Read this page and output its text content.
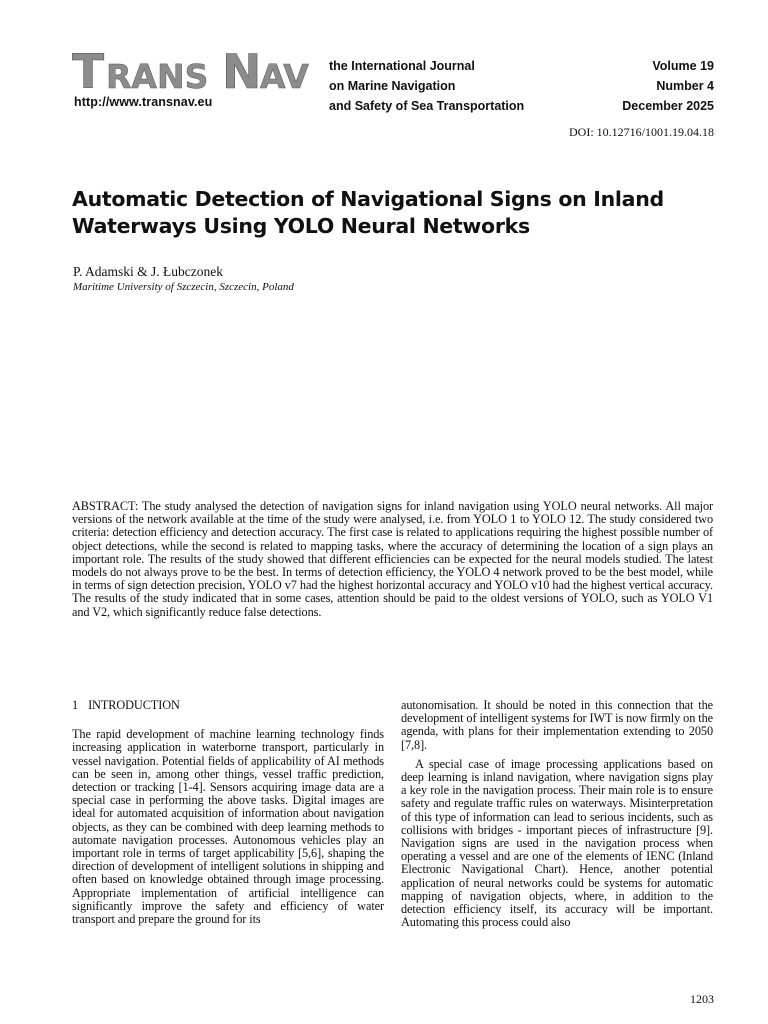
T RANS N
AV
http://www.transnav.eu
the International Journal
on Marine Navigation
and Safety of Sea Transportation
Volume 19
Number 4
December 2025
DOI: 10.12716/1001.19.04.18
Automatic Detection of Navigational Signs on Inland Waterways Using YOLO Neural Networks
P. Adamski & J. Łubczonek
Maritime University of Szczecin, Szczecin, Poland
ABSTRACT: The study analysed the detection of navigation signs for inland navigation using YOLO neural networks. All major versions of the network available at the time of the study were analysed, i.e. from YOLO 1 to YOLO 12. The study considered two criteria: detection efficiency and detection accuracy. The first case is related to applications requiring the highest possible number of object detections, while the second is related to mapping tasks, where the accuracy of determining the location of a sign plays an important role. The results of the study showed that different efficiencies can be expected for the neural models studied. The latest models do not always prove to be the best. In terms of detection efficiency, the YOLO 4 network proved to be the best model, while in terms of sign detection precision, YOLO v7 had the highest horizontal accuracy and YOLO v10 had the highest vertical accuracy. The results of the study indicated that in some cases, attention should be paid to the oldest versions of YOLO, such as YOLO V1 and V2, which significantly reduce false detections.
1 INTRODUCTION

The rapid development of machine learning technology finds increasing application in waterborne transport, particularly in vessel navigation. Potential fields of applicability of AI methods can be seen in, among other things, vessel traffic prediction, detection or tracking [1-4]. Sensors acquiring image data are a special case in performing the above tasks. Digital images are ideal for automated acquisition of information about navigation objects, as they can be combined with deep learning methods to automate navigation processes. Autonomous vehicles play an important role in terms of target applicability [5,6], shaping the direction of development of intelligent solutions in shipping and often based on knowledge obtained through image processing. Appropriate implementation of artificial intelligence can significantly improve the safety and efficiency of water transport and prepare the ground for its

autonomisation. It should be noted in this connection that the development of intelligent systems for IWT is now firmly on the agenda, with plans for their implementation extending to 2050 [7,8].

A special case of image processing applications based on deep learning is inland navigation, where navigation signs play a key role in the navigation process. Their main role is to ensure safety and regulate traffic rules on waterways. Misinterpretation of this type of information can lead to serious incidents, such as collisions with bridges - important pieces of infrastructure [9]. Navigation signs are used in the navigation process when operating a vessel and are one of the elements of IENC (Inland Electronic Navigational Chart). Hence, another potential application of neural networks could be systems for automatic mapping of navigation objects, where, in addition to the detection efficiency itself, its accuracy will be important. Automating this process could also

1203
